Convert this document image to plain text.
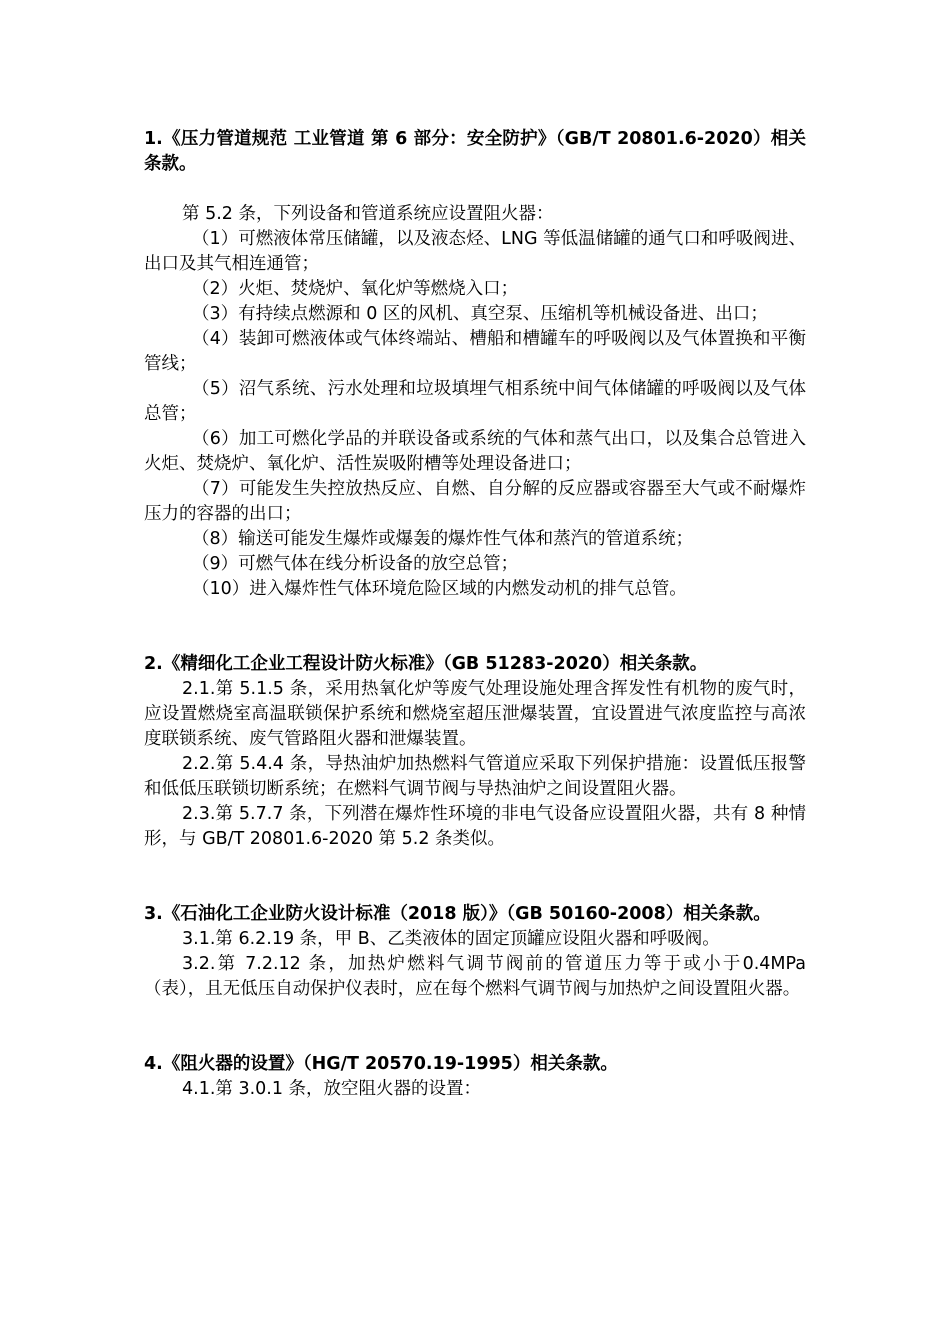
1.《压力管道规范 工业管道 第 6 部分：安全防护》（GB/T 20801.6-2020）相关条款。

第 5.2 条，下列设备和管道系统应设置阻火器：

（1）可燃液体常压储罐，以及液态烃、LNG 等低温储罐的通气口和呼吸阀进、出口及其气相连通管；

（2）火炬、焚烧炉、氧化炉等燃烧入口；

（3）有持续点燃源和 0 区的风机、真空泵、压缩机等机械设备进、出口；

（4）装卸可燃液体或气体终端站、槽船和槽罐车的呼吸阀以及气体置换和平衡管线；

（5）沼气系统、污水处理和垃圾填埋气相系统中间气体储罐的呼吸阀以及气体总管；

（6）加工可燃化学品的并联设备或系统的气体和蒸气出口，以及集合总管进入火炬、焚烧炉、氧化炉、活性炭吸附槽等处理设备进口；

（7）可能发生失控放热反应、自燃、自分解的反应器或容器至大气或不耐爆炸压力的容器的出口；

（8）输送可能发生爆炸或爆轰的爆炸性气体和蒸汽的管道系统；

（9）可燃气体在线分析设备的放空总管；

（10）进入爆炸性气体环境危险区域的内燃发动机的排气总管。

2.《精细化工企业工程设计防火标准》（GB 51283-2020）相关条款。

2.1.第 5.1.5 条，采用热氧化炉等废气处理设施处理含挥发性有机物的废气时，应设置燃烧室高温联锁保护系统和燃烧室超压泄爆装置，宜设置进气浓度监控与高浓度联锁系统、废气管路阻火器和泄爆装置。

2.2.第 5.4.4 条，导热油炉加热燃料气管道应采取下列保护措施：设置低压报警和低低压联锁切断系统；在燃料气调节阀与导热油炉之间设置阻火器。

2.3.第 5.7.7 条，下列潜在爆炸性环境的非电气设备应设置阻火器，共有 8 种情形，与 GB/T 20801.6-2020 第 5.2 条类似。

3.《石油化工企业防火设计标准（2018 版）》（GB 50160-2008）相关条款。

3.1.第 6.2.19 条，甲 B、乙类液体的固定顶罐应设阻火器和呼吸阀。

3.2.第 7.2.12 条，加热炉燃料气调节阀前的管道压力等于或小于0.4MPa（表），且无低压自动保护仪表时，应在每个燃料气调节阀与加热炉之间设置阻火器。

4.《阻火器的设置》（HG/T 20570.19-1995）相关条款。

4.1.第 3.0.1 条，放空阻火器的设置：
